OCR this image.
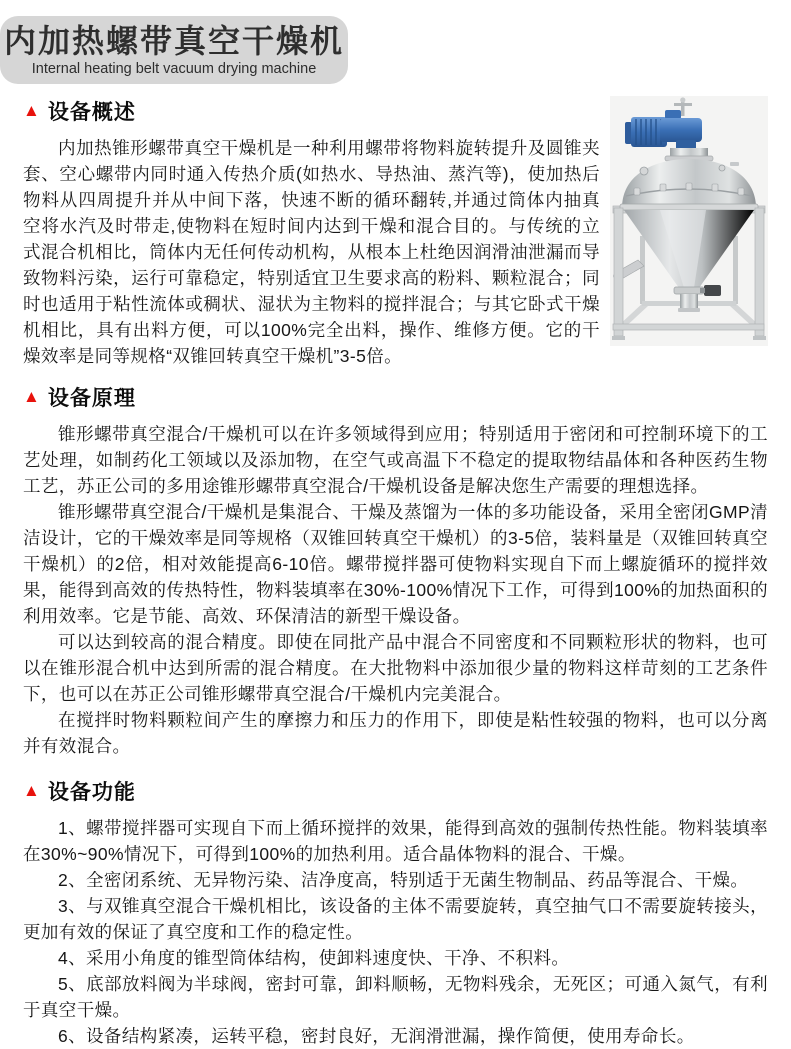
内加热螺带真空干燥机
Internal heating belt vacuum drying machine
▲ 设备概述

内加热锥形螺带真空干燥机是一种利用螺带将物料旋转提升及圆锥夹套、空心螺带内同时通入传热介质(如热水、导热油、蒸汽等)，使加热后物料从四周提升并从中间下落，快速不断的循环翻转,并通过筒体内抽真空将水汽及时带走,使物料在短时间内达到干燥和混合目的。与传统的立式混合机相比，筒体内无任何传动机构，从根本上杜绝因润滑油泄漏而导致物料污染，运行可靠稳定，特别适宜卫生要求高的粉料、颗粒混合；同时也适用于粘性流体或稠状、湿状为主物料的搅拌混合；与其它卧式干燥机相比，具有出料方便，可以100%完全出料，操作、维修方便。它的干燥效率是同等规格“双锥回转真空干燥机”3-5倍。

▲ 设备原理

锥形螺带真空混合/干燥机可以在许多领域得到应用；特别适用于密闭和可控制环境下的工艺处理，如制药化工领域以及添加物，在空气或高温下不稳定的提取物结晶体和各种医药生物工艺，苏正公司的多用途锥形螺带真空混合/干燥机设备是解决您生产需要的理想选择。

锥形螺带真空混合/干燥机是集混合、干燥及蒸馏为一体的多功能设备，采用全密闭GMP清洁设计，它的干燥效率是同等规格（双锥回转真空干燥机）的3-5倍，装料量是（双锥回转真空干燥机）的2倍，相对效能提高6-10倍。螺带搅拌器可使物料实现自下而上螺旋循环的搅拌效果，能得到高效的传热特性，物料装填率在30%-100%情况下工作，可得到100%的加热面积的利用效率。它是节能、高效、环保清洁的新型干燥设备。

可以达到较高的混合精度。即使在同批产品中混合不同密度和不同颗粒形状的物料，也可以在锥形混合机中达到所需的混合精度。在大批物料中添加很少量的物料这样苛刻的工艺条件下，也可以在苏正公司锥形螺带真空混合/干燥机内完美混合。

在搅拌时物料颗粒间产生的摩擦力和压力的作用下，即使是粘性较强的物料，也可以分离并有效混合。

▲ 设备功能

1、螺带搅拌器可实现自下而上循环搅拌的效果，能得到高效的强制传热性能。物料装填率在30%~90%情况下，可得到100%的加热利用。适合晶体物料的混合、干燥。

2、全密闭系统、无异物污染、洁净度高，特别适于无菌生物制品、药品等混合、干燥。

3、与双锥真空混合干燥机相比，该设备的主体不需要旋转，真空抽气口不需要旋转接头，更加有效的保证了真空度和工作的稳定性。

4、采用小角度的锥型筒体结构，使卸料速度快、干净、不积料。

5、底部放料阀为半球阀，密封可靠，卸料顺畅，无物料残余，无死区；可通入氮气，有利于真空干燥。

6、设备结构紧凑，运转平稳，密封良好，无润滑泄漏，操作简便，使用寿命长。
